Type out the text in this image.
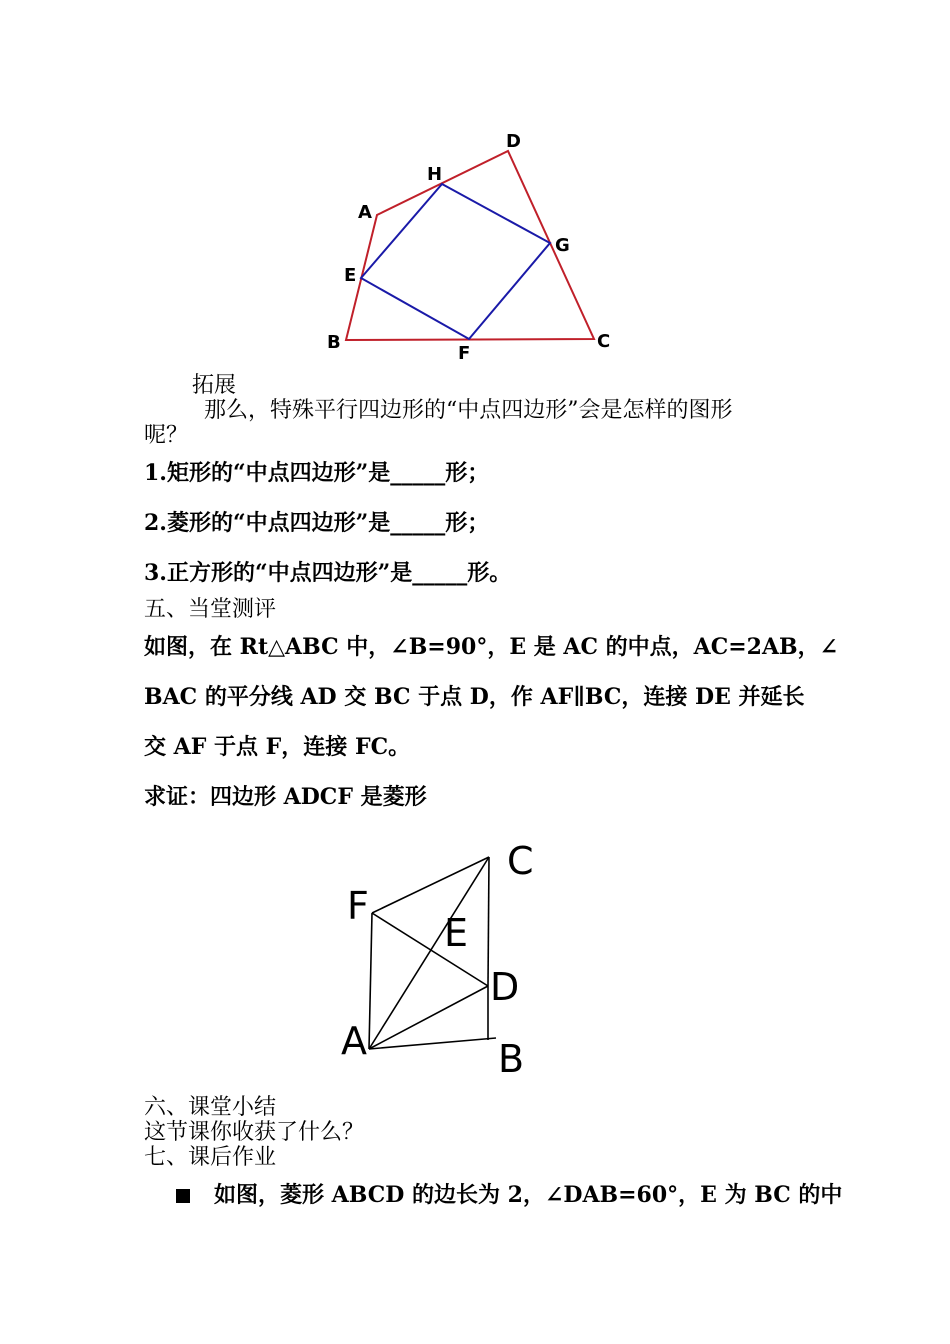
D
H
A
G
E
B	C
F
拓展
那么，特殊平行四边形的“中点四边形”会是怎样的图形
呢？
1.矩形的“中点四边形”是_____形；
2.菱形的“中点四边形”是_____形；
3.正方形的“中点四边形”是_____形。
五、当堂测评
如图，在 Rt△ABC 中，∠B=90°，E 是 AC 的中点，AC=2AB，∠
BAC 的平分线 AD 交 BC 于点 D，作 AF∥BC，连接 DE 并延长
交 AF 于点 F，连接 FC。
求证：四边形 ADCF 是菱形
C
F
E
D
A	B
六、课堂小结
这节课你收获了什么？
七、课后作业
如图，菱形 ABCD 的边长为 2，∠DAB=60°，E 为 BC 的中
